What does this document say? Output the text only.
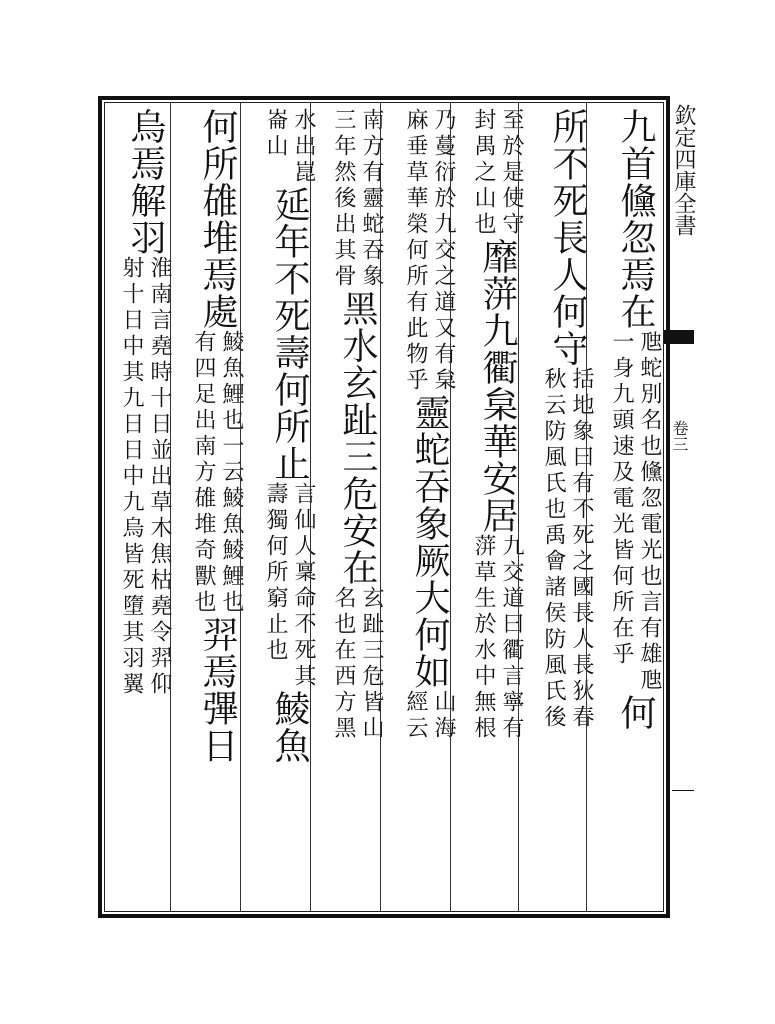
欽定四庫全書
卷三
九首儵忽焉在
虺蛇別名也儵忽電光也言有雄虺
一身九頭速及電光皆何所在乎
何
所不死長人何守
括地象曰有不死之國長人長狄春
秋云防風氏也禹會諸侯防風氏後
至於是使守
封禺之山也
靡蓱九衢枲華安居
九交道曰衢言寧有
蓱草生於水中無根
乃蔓衍於九交之道又有枲
麻垂草華榮何所有此物乎
靈蛇吞象厥大何如
山海
經云
南方有靈蛇吞象
三年然後出其骨
黑水玄趾三危安在
玄趾三危皆山
名也在西方黑
水出崑
崙山
延年不死壽何所止
言仙人稟命不死其
壽獨何所窮止也
鯪魚
何所䧺堆焉處
鯪魚鯉也一云鯪魚鯪鯉也
有四足出南方䧺堆奇獸也
羿焉彃日
烏焉解羽
淮南言堯時十日並出草木焦枯堯令羿仰
射十日中其九日日中九烏皆死墮其羽翼
